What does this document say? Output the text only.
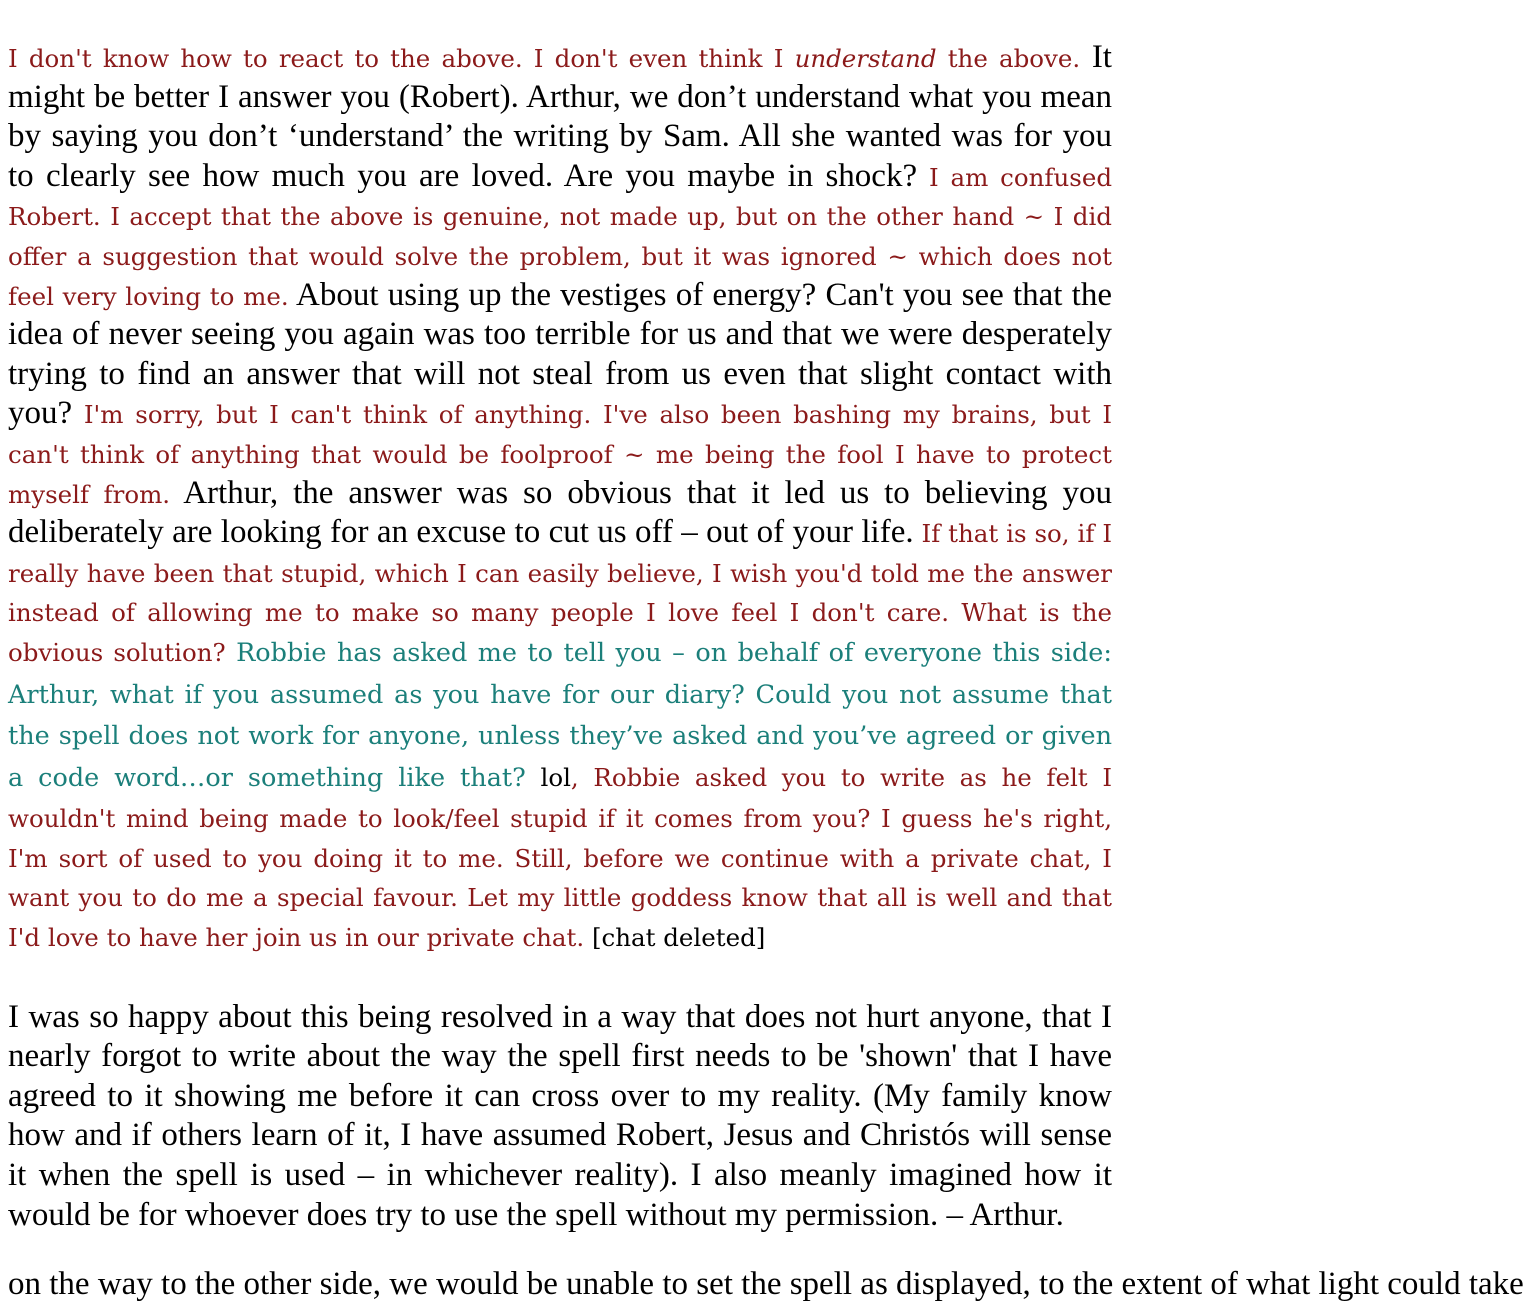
I don't know how to react to the above. I don't even think I understand the above. It might be better I answer you (Robert). Arthur, we don’t understand what you mean by saying you don’t ‘understand’ the writing by Sam. All she wanted was for you to clearly see how much you are loved. Are you maybe in shock? I am confused Robert. I accept that the above is genuine, not made up, but on the other hand ~ I did offer a suggestion that would solve the problem, but it was ignored ~ which does not feel very loving to me. About using up the vestiges of energy? Can't you see that the idea of never seeing you again was too terrible for us and that we were desperately trying to find an answer that will not steal from us even that slight contact with you? I'm sorry, but I can't think of anything. I've also been bashing my brains, but I can't think of anything that would be foolproof ~ me being the fool I have to protect myself from. Arthur, the answer was so obvious that it led us to believing you deliberately are looking for an excuse to cut us off – out of your life. If that is so, if I really have been that stupid, which I can easily believe, I wish you'd told me the answer instead of allowing me to make so many people I love feel I don't care. What is the obvious solution? Robbie has asked me to tell you – on behalf of everyone this side: Arthur, what if you assumed as you have for our diary? Could you not assume that the spell does not work for anyone, unless they’ve asked and you’ve agreed or given a code word…or something like that? lol, Robbie asked you to write as he felt I wouldn't mind being made to look/feel stupid if it comes from you? I guess he's right, I'm sort of used to you doing it to me. Still, before we continue with a private chat, I want you to do me a special favour. Let my little goddess know that all is well and that I'd love to have her join us in our private chat. [chat deleted]

I was so happy about this being resolved in a way that does not hurt anyone, that I nearly forgot to write about the way the spell first needs to be 'shown' that I have agreed to it showing me before it can cross over to my reality. (My family know how and if others learn of it, I have assumed Robert, Jesus and Christós will sense it when the spell is used – in whichever reality). I also meanly imagined how it would be for whoever does try to use the spell without my permission. – Arthur.

on the way to the other side, we would be unable to set the spell as displayed, to the extent of what light could take
